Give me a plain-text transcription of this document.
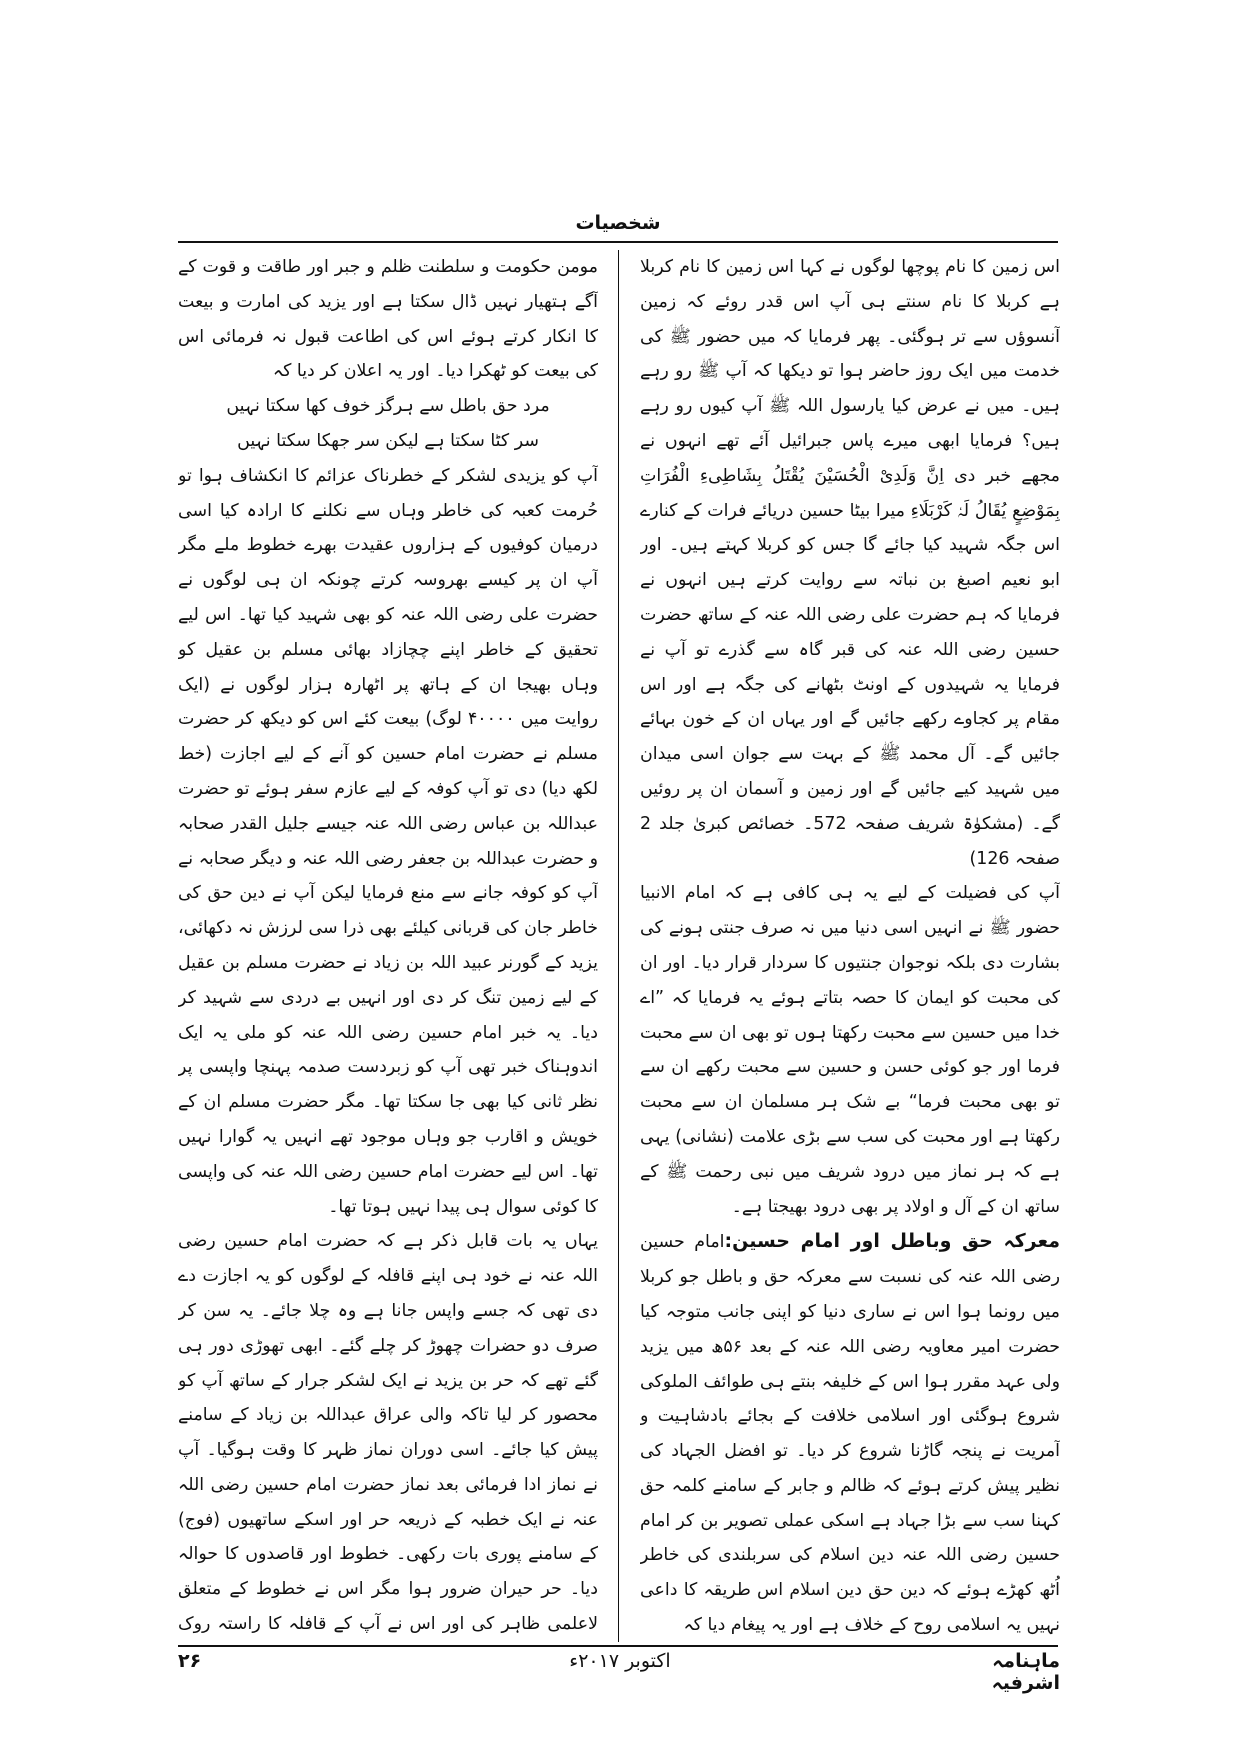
شخصیات

اس زمین کا نام پوچھا لوگوں نے کہا اس زمین کا نام کربلا ہے کربلا کا نام سنتے ہی آپ اس قدر روئے کہ زمین آنسوؤں سے تر ہوگئی۔ پھر فرمایا کہ میں حضور ﷺ کی خدمت میں ایک روز حاضر ہوا تو دیکھا کہ آپ ﷺ رو رہے ہیں۔ میں نے عرض کیا یارسول اللہ ﷺ آپ کیوں رو رہے ہیں؟ فرمایا ابھی میرے پاس جبرائیل آئے تھے انہوں نے مجھے خبر دی اِنَّ وَلَدِیْ الْحُسَیْنَ یُقْتَلُ بِشَاطِیءِ الْفُرَاتِ بِمَوْضِعٍ یُقَالُ لَہٗ کَرْبَلَاءِ میرا بیٹا حسین دریائے فرات کے کنارے اس جگہ شہید کیا جائے گا جس کو کربلا کہتے ہیں۔ اور ابو نعیم اصبغ بن نباتہ سے روایت کرتے ہیں انہوں نے فرمایا کہ ہم حضرت علی رضی اللہ عنہ کے ساتھ حضرت حسین رضی اللہ عنہ کی قبر گاہ سے گذرے تو آپ نے فرمایا یہ شہیدوں کے اونٹ بٹھانے کی جگہ ہے اور اس مقام پر کجاوے رکھے جائیں گے اور یہاں ان کے خون بہائے جائیں گے۔ آل محمد ﷺ کے بہت سے جوان اسی میدان میں شہید کیے جائیں گے اور زمین و آسمان ان پر روئیں گے۔ (مشکوٰۃ شریف صفحہ 572۔ خصائص کبریٰ جلد 2 صفحہ 126)

آپ کی فضیلت کے لیے یہ ہی کافی ہے کہ امام الانبیا حضور ﷺ نے انہیں اسی دنیا میں نہ صرف جنتی ہونے کی بشارت دی بلکہ نوجوان جنتیوں کا سردار قرار دیا۔ اور ان کی محبت کو ایمان کا حصہ بتاتے ہوئے یہ فرمایا کہ ”اے خدا میں حسین سے محبت رکھتا ہوں تو بھی ان سے محبت فرما اور جو کوئی حسن و حسین سے محبت رکھے ان سے تو بھی محبت فرما“ بے شک ہر مسلمان ان سے محبت رکھتا ہے اور محبت کی سب سے بڑی علامت (نشانی) یہی ہے کہ ہر نماز میں درود شریف میں نبی رحمت ﷺ کے ساتھ ان کے آل و اولاد پر بھی درود بھیجتا ہے۔

معرکہ حق وباطل اور امام حسین:امام حسین رضی اللہ عنہ کی نسبت سے معرکہ حق و باطل جو کربلا میں رونما ہوا اس نے ساری دنیا کو اپنی جانب متوجہ کیا حضرت امیر معاویہ رضی اللہ عنہ کے بعد ۵۶ھ میں یزید ولی عہد مقرر ہوا اس کے خلیفہ بنتے ہی طوائف الملوکی شروع ہوگئی اور اسلامی خلافت کے بجائے بادشاہیت و آمریت نے پنجہ گاڑنا شروع کر دیا۔ تو افضل الجہاد کی نظیر پیش کرتے ہوئے کہ ظالم و جابر کے سامنے کلمہ حق کہنا سب سے بڑا جہاد ہے اسکی عملی تصویر بن کر امام حسین رضی اللہ عنہ دین اسلام کی سربلندی کی خاطر اُٹھ کھڑے ہوئے کہ دین حق دین اسلام اس طریقہ کا داعی نہیں یہ اسلامی روح کے خلاف ہے اور یہ پیغام دیا کہ

مومن حکومت و سلطنت ظلم و جبر اور طاقت و قوت کے آگے ہتھیار نہیں ڈال سکتا ہے اور یزید کی امارت و بیعت کا انکار کرتے ہوئے اس کی اطاعت قبول نہ فرمائی اس کی بیعت کو ٹھکرا دیا۔ اور یہ اعلان کر دیا کہ

مرد حق باطل سے ہرگز خوف کھا سکتا نہیں

سر کٹا سکتا ہے لیکن سر جھکا سکتا نہیں

آپ کو یزیدی لشکر کے خطرناک عزائم کا انکشاف ہوا تو حُرمت کعبہ کی خاطر وہاں سے نکلنے کا ارادہ کیا اسی درمیان کوفیوں کے ہزاروں عقیدت بھرے خطوط ملے مگر آپ ان پر کیسے بھروسہ کرتے چونکہ ان ہی لوگوں نے حضرت علی رضی اللہ عنہ کو بھی شہید کیا تھا۔ اس لیے تحقیق کے خاطر اپنے چچازاد بھائی مسلم بن عقیل کو وہاں بھیجا ان کے ہاتھ پر اٹھارہ ہزار لوگوں نے (ایک روایت میں ۴۰۰۰۰ لوگ) بیعت کئے اس کو دیکھ کر حضرت مسلم نے حضرت امام حسین کو آنے کے لیے اجازت (خط لکھ دیا) دی تو آپ کوفہ کے لیے عازم سفر ہوئے تو حضرت عبداللہ بن عباس رضی اللہ عنہ جیسے جلیل القدر صحابہ و حضرت عبداللہ بن جعفر رضی اللہ عنہ و دیگر صحابہ نے آپ کو کوفہ جانے سے منع فرمایا لیکن آپ نے دین حق کی خاطر جان کی قربانی کیلئے بھی ذرا سی لرزش نہ دکھائی، یزید کے گورنر عبید اللہ بن زیاد نے حضرت مسلم بن عقیل کے لیے زمین تنگ کر دی اور انہیں بے دردی سے شہید کر دیا۔ یہ خبر امام حسین رضی اللہ عنہ کو ملی یہ ایک اندوہناک خبر تھی آپ کو زبردست صدمہ پہنچا واپسی پر نظر ثانی کیا بھی جا سکتا تھا۔ مگر حضرت مسلم ان کے خویش و اقارب جو وہاں موجود تھے انہیں یہ گوارا نہیں تھا۔ اس لیے حضرت امام حسین رضی اللہ عنہ کی واپسی کا کوئی سوال ہی پیدا نہیں ہوتا تھا۔

یہاں یہ بات قابل ذکر ہے کہ حضرت امام حسین رضی اللہ عنہ نے خود ہی اپنے قافلہ کے لوگوں کو یہ اجازت دے دی تھی کہ جسے واپس جانا ہے وہ چلا جائے۔ یہ سن کر صرف دو حضرات چھوڑ کر چلے گئے۔ ابھی تھوڑی دور ہی گئے تھے کہ حر بن یزید نے ایک لشکر جرار کے ساتھ آپ کو محصور کر لیا تاکہ والی عراق عبداللہ بن زیاد کے سامنے پیش کیا جائے۔ اسی دوران نماز ظہر کا وقت ہوگیا۔ آپ نے نماز ادا فرمائی بعد نماز حضرت امام حسین رضی اللہ عنہ نے ایک خطبہ کے ذریعہ حر اور اسکے ساتھیوں (فوج) کے سامنے پوری بات رکھی۔ خطوط اور قاصدوں کا حوالہ دیا۔ حر حیران ضرور ہوا مگر اس نے خطوط کے متعلق لاعلمی ظاہر کی اور اس نے آپ کے قافلہ کا راستہ روک

ماہنامہ اشرفیہ
اکتوبر ۲۰۱۷ء
۲۶
